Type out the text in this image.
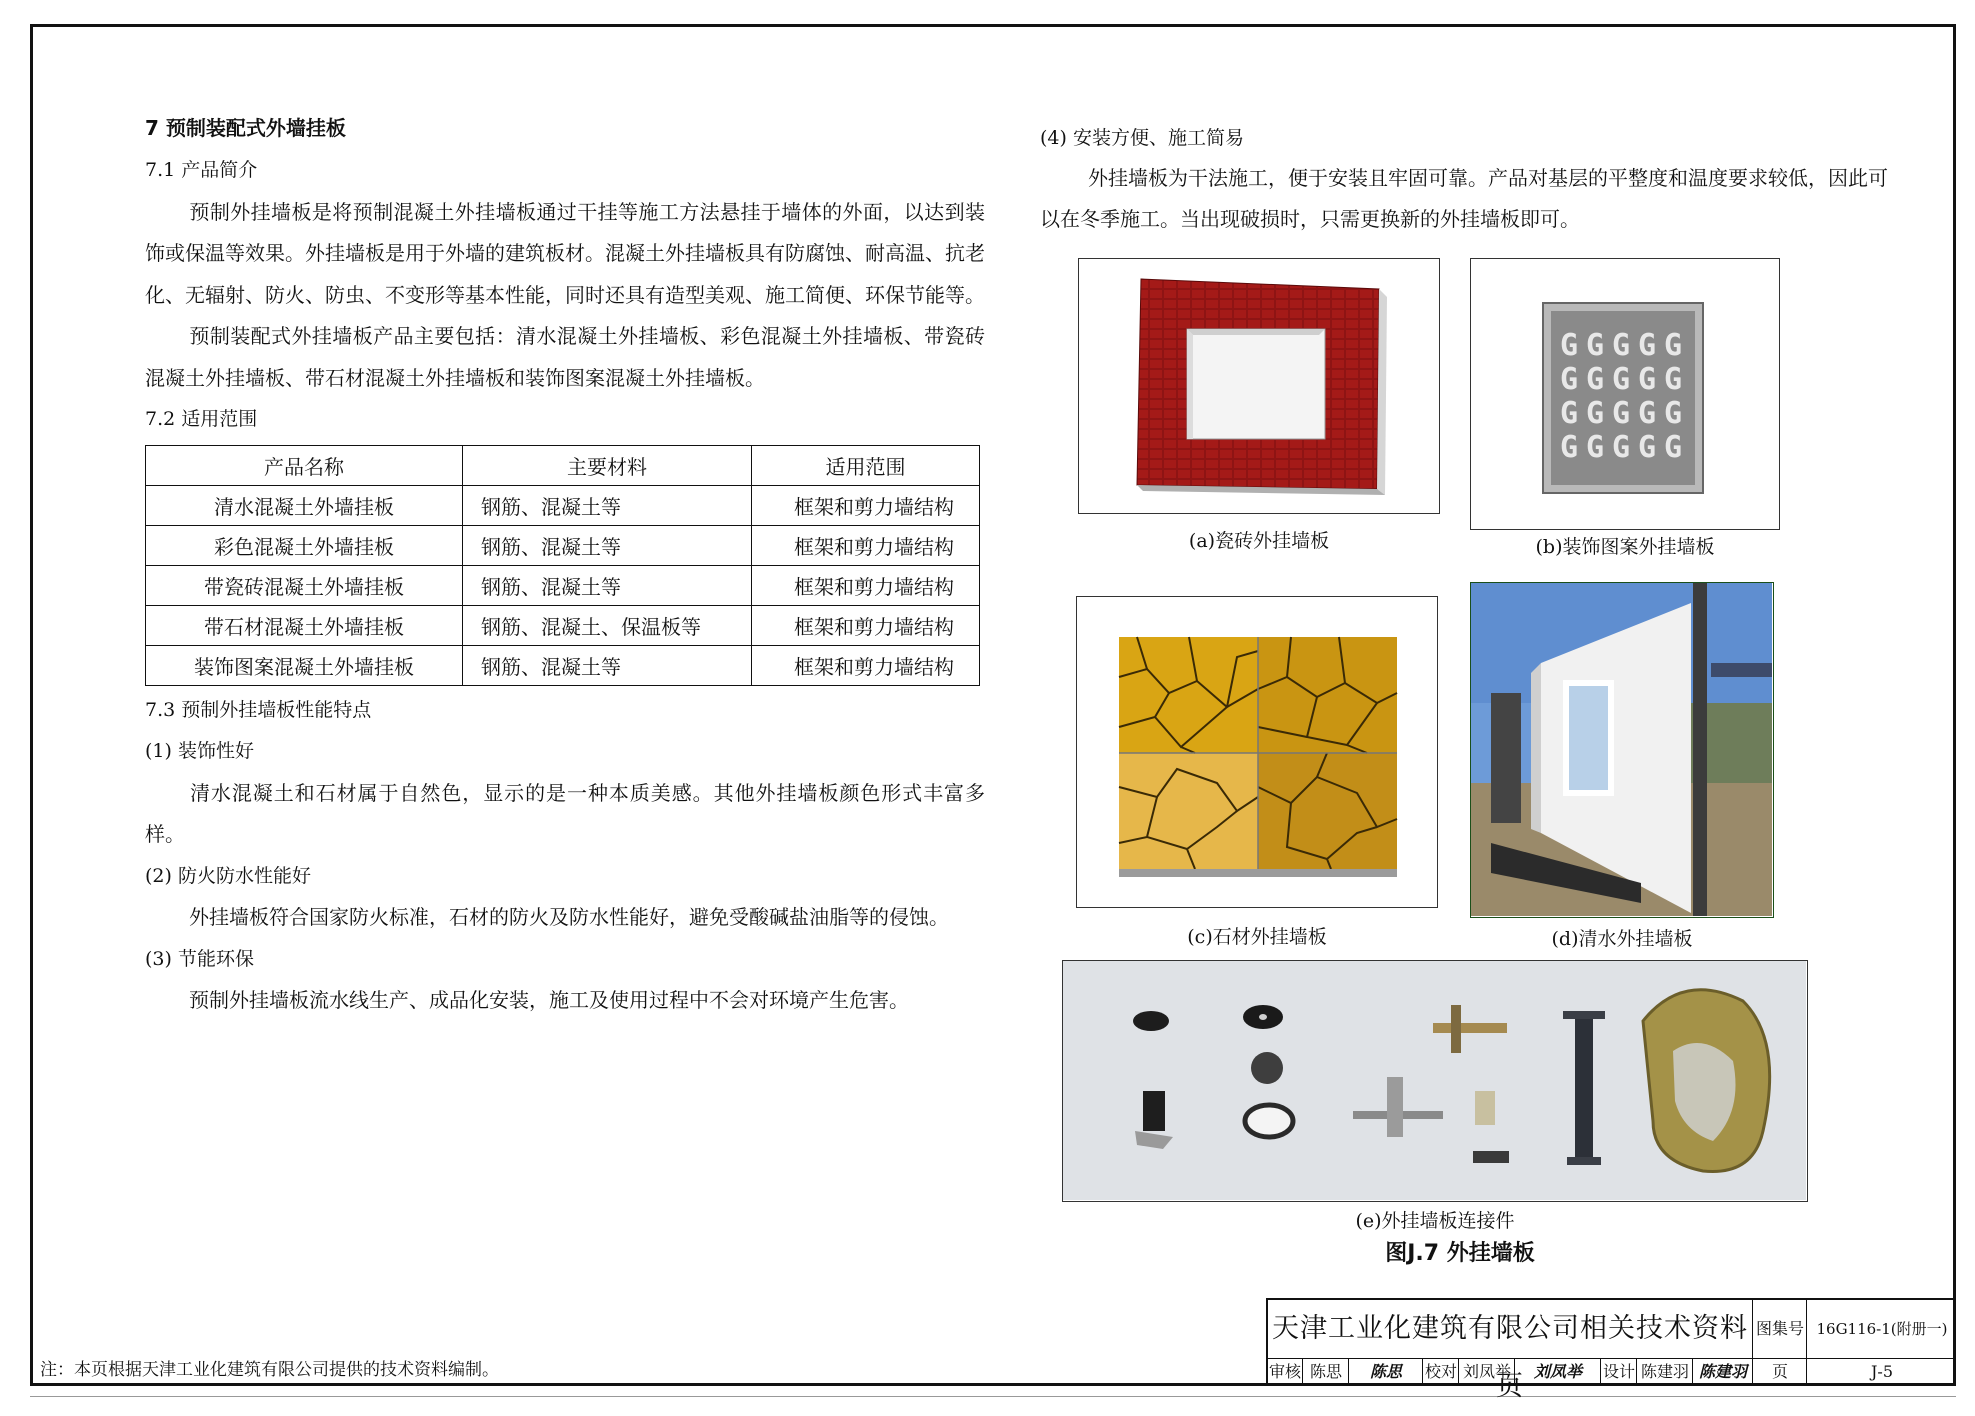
7 预制装配式外墙挂板
7.1 产品简介
预制外挂墙板是将预制混凝土外挂墙板通过干挂等施工方法悬挂于墙体的外面，以达到装饰或保温等效果。外挂墙板是用于外墙的建筑板材。混凝土外挂墙板具有防腐蚀、耐高温、抗老化、无辐射、防火、防虫、不变形等基本性能，同时还具有造型美观、施工简便、环保节能等。
预制装配式外挂墙板产品主要包括：清水混凝土外挂墙板、彩色混凝土外挂墙板、带瓷砖混凝土外挂墙板、带石材混凝土外挂墙板和装饰图案混凝土外挂墙板。
7.2 适用范围
产品名称	主要材料	适用范围
清水混凝土外墙挂板	钢筋、混凝土等	框架和剪力墙结构
彩色混凝土外墙挂板	钢筋、混凝土等	框架和剪力墙结构
带瓷砖混凝土外墙挂板	钢筋、混凝土等	框架和剪力墙结构
带石材混凝土外墙挂板	钢筋、混凝土、保温板等	框架和剪力墙结构
装饰图案混凝土外墙挂板	钢筋、混凝土等	框架和剪力墙结构
7.3 预制外挂墙板性能特点
(1) 装饰性好
清水混凝土和石材属于自然色，显示的是一种本质美感。其他外挂墙板颜色形式丰富多样。
(2) 防火防水性能好
外挂墙板符合国家防火标准，石材的防火及防水性能好，避免受酸碱盐油脂等的侵蚀。
(3) 节能环保
预制外挂墙板流水线生产、成品化安装，施工及使用过程中不会对环境产生危害。
(4) 安装方便、施工简易
外挂墙板为干法施工，便于安装且牢固可靠。产品对基层的平整度和温度要求较低，因此可以在冬季施工。当出现破损时，只需更换新的外挂墙板即可。
(a)瓷砖外挂墙板
G G G G G
G G G G G
G G G G G
G G G G G
(b)装饰图案外挂墙板
(c)石材外挂墙板	(d)清水外挂墙板
(e)外挂墙板连接件
图J.7 外挂墙板
天津工业化建筑有限公司相关技术资料页
图集号 16G116-1(附册一)
审核 陈思	陈思	校对 刘凤举	刘凤举	设计 陈建羽 陈建羽	页	J-5
注：本页根据天津工业化建筑有限公司提供的技术资料编制。
